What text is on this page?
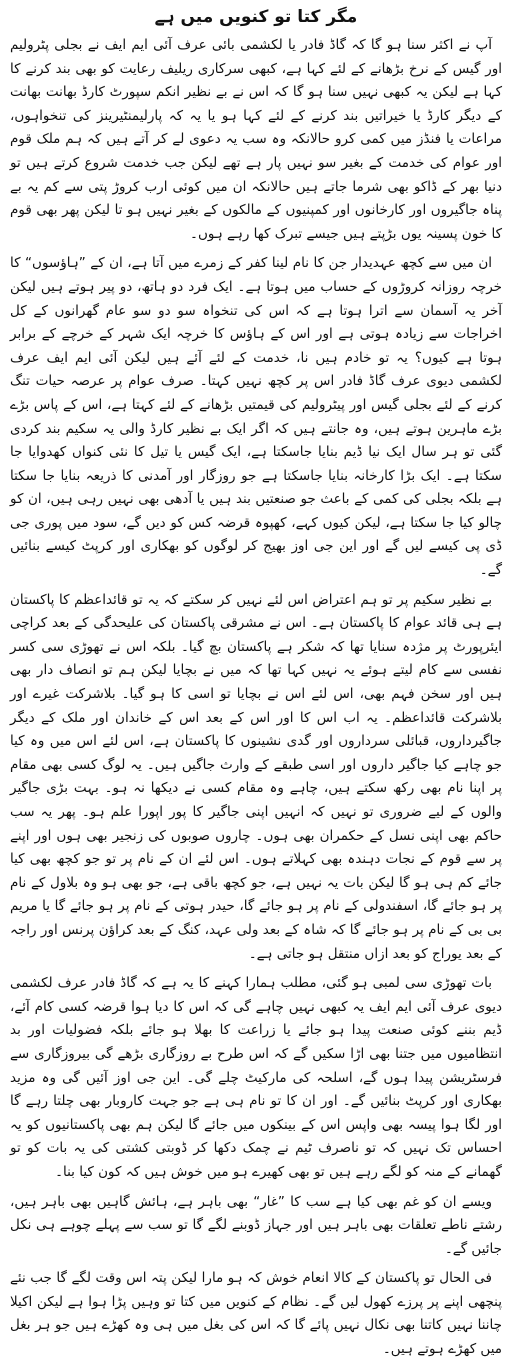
مگر کتا تو کنویں میں ہے

آپ نے اکثر سنا ہو گا کہ گاڈ فادر یا لکشمی بائی عرف آئی ایم ایف نے بجلی پٹرولیم اور گیس کے نرخ بڑھانے کے لئے کہا ہے، کبھی سرکاری ریلیف رعایت کو بھی بند کرنے کا کہا ہے لیکن یہ کبھی نہیں سنا ہو گا کہ اس نے بے نظیر انکم سپورٹ کارڈ بھانت بھانت کے دیگر کارڈ یا خیراتیں بند کرنے کے لئے کہا ہو یا یہ کہ پارلیمنٹیرینز کی تنخواہوں، مراعات یا فنڈز میں کمی کرو حالانکہ وہ سب یہ دعوی لے کر آتے ہیں کہ ہم ملک قوم اور عوام کی خدمت کے بغیر سو نہیں پار ہے تھے لیکن جب خدمت شروع کرتے ہیں تو دنیا بھر کے ڈاکو بھی شرما جاتے ہیں حالانکہ ان میں کوئی ارب کروڑ پتی سے کم یہ بے پناہ جاگیروں اور کارخانوں اور کمپنیوں کے مالکوں کے بغیر نہیں ہو تا لیکن پھر بھی قوم کا خون پسینہ یوں بڑپتے ہیں جیسے تبرک کھا رہے ہوں۔

ان میں سے کچھ عہدیدار جن کا نام لینا کفر کے زمرے میں آتا ہے، ان کے ”ہاؤسوں“ کا خرچہ روزانہ کروڑوں کے حساب میں ہوتا ہے۔ ایک فرد دو ہاتھ، دو پیر ہوتے ہیں لیکن آخر یہ آسمان سے اترا ہوتا ہے کہ اس کی تنخواہ سو دو سو عام گھرانوں کے کل اخراجات سے زیادہ ہوتی ہے اور اس کے ہاؤس کا خرچہ ایک شہر کے خرچے کے برابر ہوتا ہے کیوں؟ یہ تو خادم ہیں نا، خدمت کے لئے آئے ہیں لیکن آئی ایم ایف عرف لکشمی دیوی عرف گاڈ فادر اس پر کچھ نہیں کہتا۔ صرف عوام پر عرصہ حیات تنگ کرنے کے لئے بجلی گیس اور پیٹرولیم کی قیمتیں بڑھانے کے لئے کہتا ہے، اس کے پاس بڑے بڑے ماہرین ہوتے ہیں، وہ جانتے ہیں کہ اگر ایک بے نظیر کارڈ والی یہ سکیم بند کردی گئی تو ہر سال ایک نیا ڈیم بنایا جاسکتا ہے، ایک گیس یا تیل کا نئی کنواں کھدوایا جا سکتا ہے۔ ایک بڑا کارخانہ بنایا جاسکتا ہے جو روزگار اور آمدنی کا ذریعہ بنایا جا سکتا ہے بلکہ بجلی کی کمی کے باعث جو صنعتیں بند ہیں یا آدھی بھی نہیں رہی ہیں، ان کو چالو کیا جا سکتا ہے، لیکن کیوں کہے، کھپوہ قرضہ کس کو دیں گے، سود میں پوری جی ڈی پی کیسے لیں گے اور این جی اوز بھیج کر لوگوں کو بھکاری اور کرپٹ کیسے بنائیں گے۔

بے نظیر سکیم پر تو ہم اعتراض اس لئے نہیں کر سکتے کہ یہ تو قائداعظم کا پاکستان ہے ہی قائد عوام کا پاکستان ہے۔ اس نے مشرقی پاکستان کی علیحدگی کے بعد کراچی ایئرپورٹ پر مژدہ سنایا تھا کہ شکر ہے پاکستان بچ گیا۔ بلکہ اس نے تھوڑی سی کسر نفسی سے کام لیتے ہوئے یہ نہیں کہا تھا کہ میں نے بچایا لیکن ہم تو انصاف دار بھی ہیں اور سخن فہم بھی، اس لئے اس نے بچایا تو اسی کا ہو گیا۔ بلاشرکت غیرے اور بلاشرکت قائداعظم۔ یہ اب اس کا اور اس کے بعد اس کے خاندان اور ملک کے دیگر جاگیرداروں، قبائلی سرداروں اور گدی نشینوں کا پاکستان ہے، اس لئے اس میں وہ کیا جو چاہے کیا جاگیر داروں اور اسی طبقے کے وارث جاگیں ہیں۔ یہ لوگ کسی بھی مقام پر اپنا نام بھی رکھ سکتے ہیں، چاہے وہ مقام کسی نے دیکھا نہ ہو۔ بہت بڑی جاگیر والوں کے لیے ضروری تو نہیں کہ انہیں اپنی جاگیر کا پور اپورا علم ہو۔ پھر یہ سب حاکم بھی اپنی نسل کے حکمران بھی ہوں۔ چاروں صوبوں کی زنجیر بھی ہوں اور اپنے پر سے قوم کے نجات دہندہ بھی کہلاتے ہوں۔ اس لئے ان کے نام پر تو جو کچھ بھی کیا جائے کم ہی ہو گا لیکن بات یہ نہیں ہے، جو کچھ باقی ہے، جو بھی ہو وہ بلاول کے نام پر ہو جائے گا، اسفندولی کے نام پر ہو جائے گا، حیدر ہوتی کے نام پر ہو جائے گا یا مریم بی بی کے نام پر ہو جائے گا کہ شاہ کے بعد ولی عہد، کنگ کے بعد کراؤن پرنس اور راجہ کے بعد یوراج کو بعد ازاں منتقل ہو جاتی ہے۔

بات تھوڑی سی لمبی ہو گئی، مطلب ہمارا کہنے کا یہ ہے کہ گاڈ فادر عرف لکشمی دیوی عرف آئی ایم ایف یہ کبھی نہیں چاہے گی کہ اس کا دیا ہوا قرضہ کسی کام آئے، ڈیم بننے کوئی صنعت پیدا ہو جائے یا زراعت کا بھلا ہو جائے بلکہ فضولیات اور بد انتظامیوں میں جتنا بھی اڑا سکیں گے کہ اس طرح بے روزگاری بڑھے گی بیروزگاری سے فرسٹریشن پیدا ہوں گے، اسلحہ کی مارکیٹ چلے گی۔ این جی اوز آئیں گی وہ مزید بھکاری اور کرپٹ بنائیں گے۔ اور ان کا تو نام ہی ہے جو جہت کاروبار بھی چلتا رہے گا اور لگا ہوا پیسہ بھی واپس اس کے بینکوں میں جائے گا لیکن ہم بھی پاکستانیوں کو یہ احساس تک نہیں کہ تو ناصرف ٹیم نے چمک دکھا کر ڈوبتی کشتی کی یہ بات کو تو گھمانے کے منہ کو لگے رہے ہیں تو بھی کھیرے ہو میں خوش ہیں کہ کون کیا بنا۔

ویسے ان کو غم بھی کیا ہے سب کا ”غار“ بھی باہر ہے، ہائش گاہیں بھی باہر ہیں، رشتے ناطے تعلقات بھی باہر ہیں اور جہاز ڈوبنے لگے گا تو سب سے پہلے چوہے ہی نکل جائیں گے۔

فی الحال تو پاکستان کے کالا انعام خوش کہ ہو مارا لیکن پتہ اس وقت لگے گا جب نئے پنچھی اپنے پر پرزے کھول لیں گے۔ نظام کے کنویں میں کتا تو وہیں پڑا ہوا ہے لیکن اکیلا چاننا نہیں کاتنا بھی نکال نہیں پائے گا کہ اس کی بغل میں ہی وہ کھڑے ہیں جو ہر بغل میں کھڑے ہوتے ہیں۔
